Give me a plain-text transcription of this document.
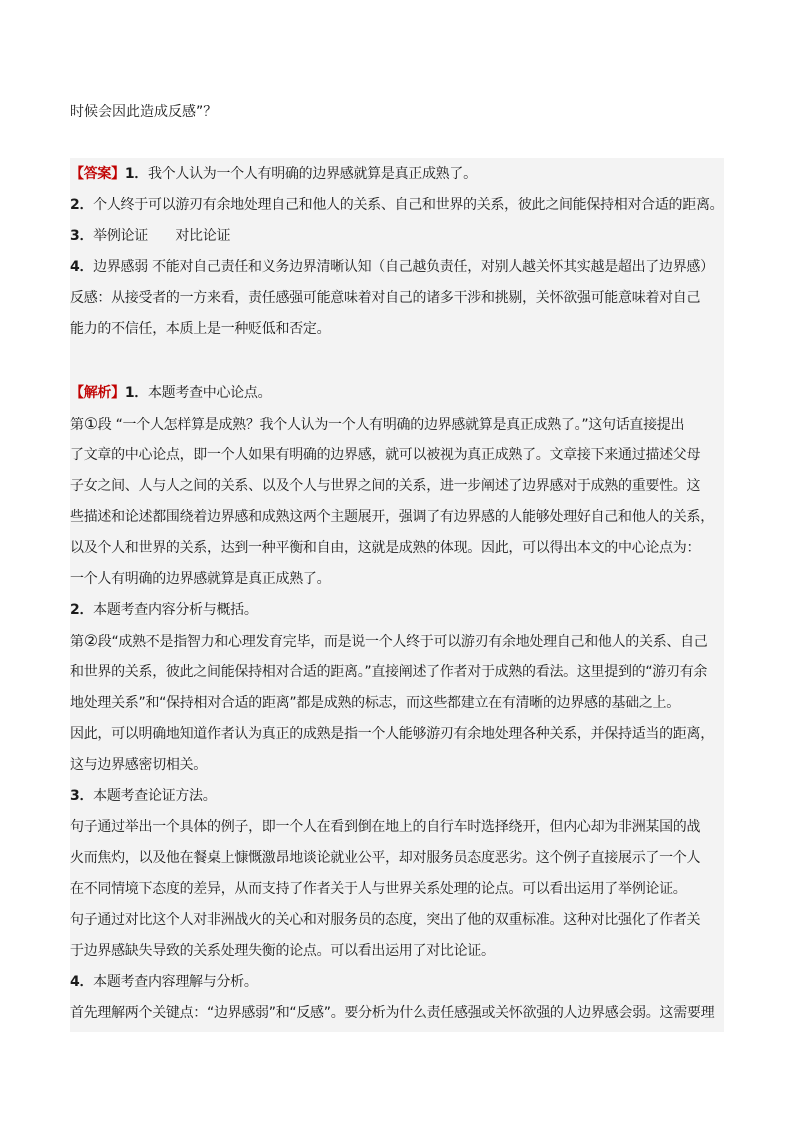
时候会因此造成反感”？
【答案】1．我个人认为一个人有明确的边界感就算是真正成熟了。
2．个人终于可以游刃有余地处理自己和他人的关系、自己和世界的关系，彼此之间能保持相对合适的距离。
3．举例论证　　对比论证
4．边界感弱 不能对自己责任和义务边界清晰认知（自己越负责任，对别人越关怀其实越是超出了边界感）
反感：从接受者的一方来看，责任感强可能意味着对自己的诸多干涉和挑剔，关怀欲强可能意味着对自己
能力的不信任，本质上是一种贬低和否定。
【解析】1．本题考查中心论点。
第①段 “一个人怎样算是成熟？我个人认为一个人有明确的边界感就算是真正成熟了。”这句话直接提出
了文章的中心论点，即一个人如果有明确的边界感，就可以被视为真正成熟了。文章接下来通过描述父母
子女之间、人与人之间的关系、以及个人与世界之间的关系，进一步阐述了边界感对于成熟的重要性。这
些描述和论述都围绕着边界感和成熟这两个主题展开，强调了有边界感的人能够处理好自己和他人的关系，
以及个人和世界的关系，达到一种平衡和自由，这就是成熟的体现。因此，可以得出本文的中心论点为：
一个人有明确的边界感就算是真正成熟了。
2．本题考查内容分析与概括。
第②段“成熟不是指智力和心理发育完毕，而是说一个人终于可以游刃有余地处理自己和他人的关系、自己
和世界的关系，彼此之间能保持相对合适的距离。”直接阐述了作者对于成熟的看法。这里提到的“游刃有余
地处理关系”和“保持相对合适的距离”都是成熟的标志，而这些都建立在有清晰的边界感的基础之上。
因此，可以明确地知道作者认为真正的成熟是指一个人能够游刃有余地处理各种关系，并保持适当的距离，
这与边界感密切相关。
3．本题考查论证方法。
句子通过举出一个具体的例子，即一个人在看到倒在地上的自行车时选择绕开，但内心却为非洲某国的战
火而焦灼，以及他在餐桌上慷慨激昂地谈论就业公平，却对服务员态度恶劣。这个例子直接展示了一个人
在不同情境下态度的差异，从而支持了作者关于人与世界关系处理的论点。可以看出运用了举例论证。
句子通过对比这个人对非洲战火的关心和对服务员的态度，突出了他的双重标准。这种对比强化了作者关
于边界感缺失导致的关系处理失衡的论点。可以看出运用了对比论证。
4．本题考查内容理解与分析。
首先理解两个关键点：“边界感弱”和“反感”。要分析为什么责任感强或关怀欲强的人边界感会弱。这需要理
